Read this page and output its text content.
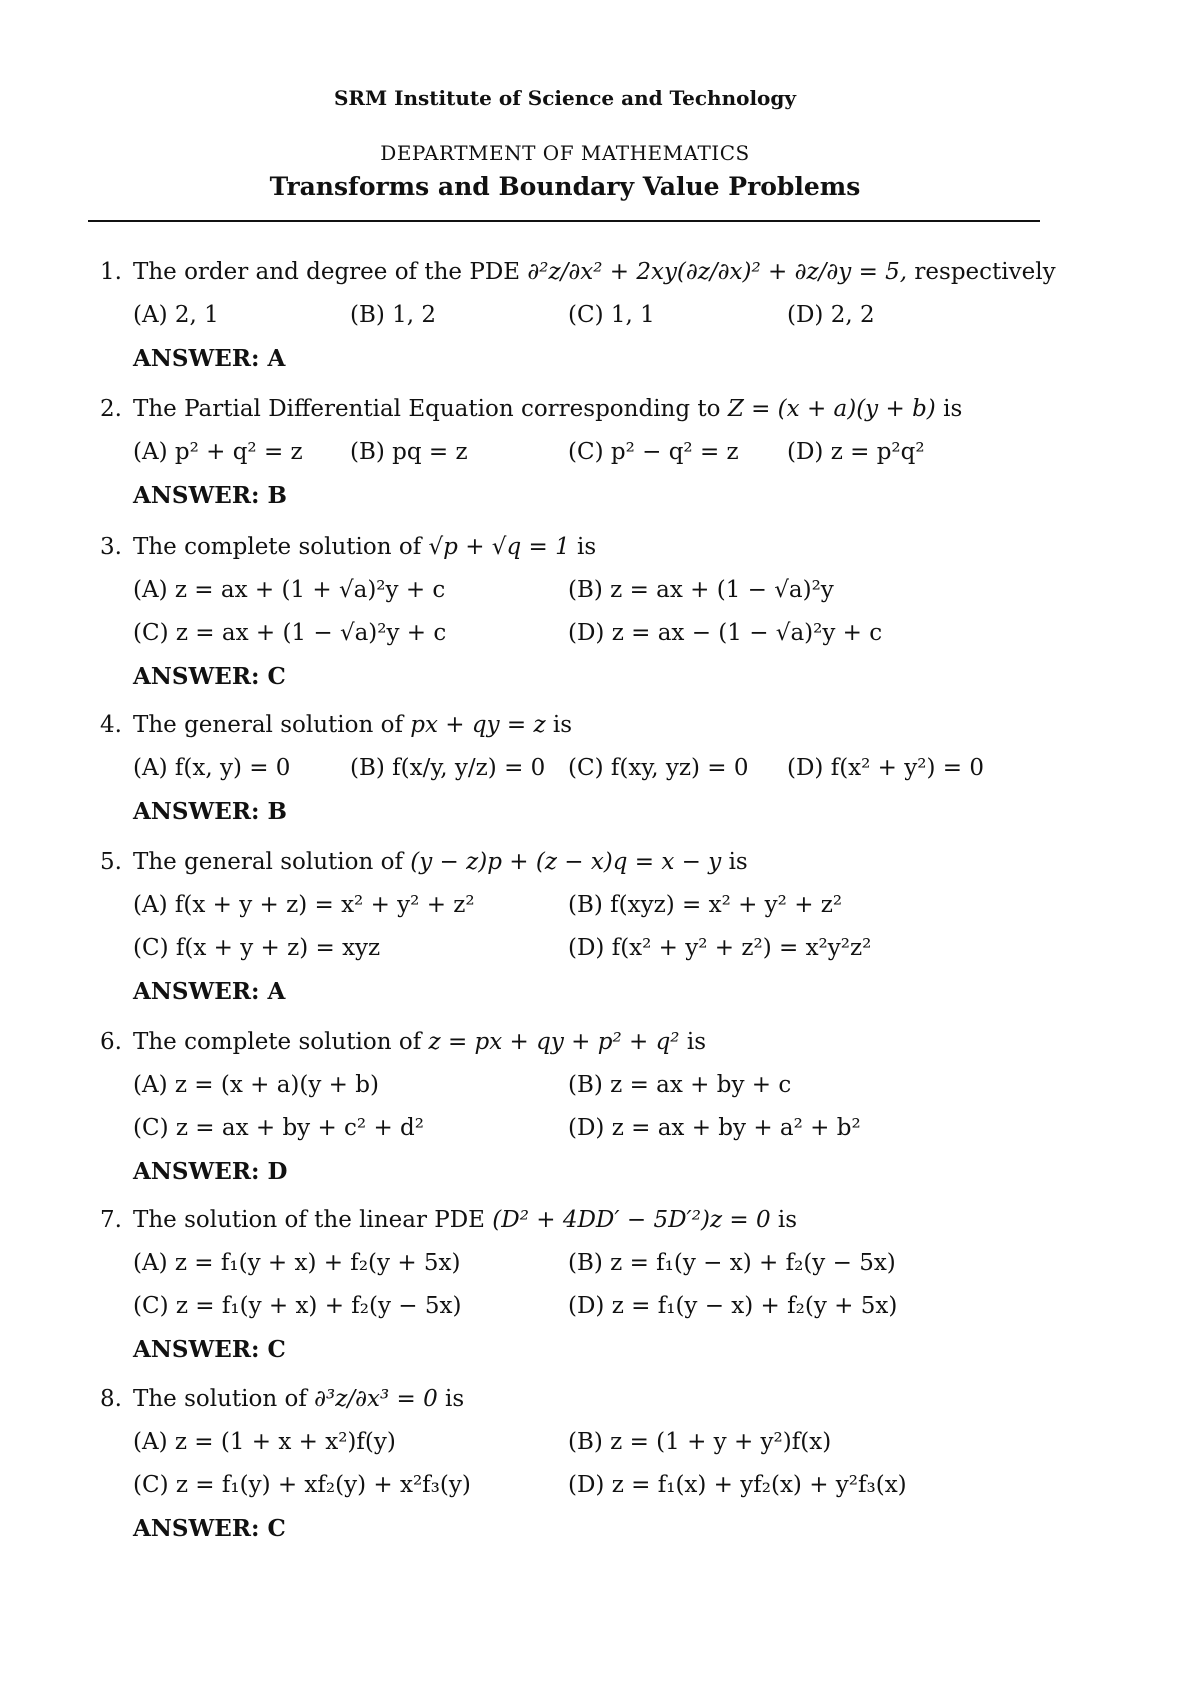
SRM Institute of Science and Technology
DEPARTMENT OF MATHEMATICS
Transforms and Boundary Value Problems
1. The order and degree of the PDE ∂²z/∂x² + 2xy(∂z/∂x)² + ∂z/∂y = 5, respectively
(A) 2, 1	(B) 1, 2	(C) 1, 1	(D) 2, 2
ANSWER: A
2. The Partial Differential Equation corresponding to Z = (x + a)(y + b) is
(A) p² + q² = z (B) pq = z	(C) p² − q² = z (D) z = p²q²
ANSWER: B
3. The complete solution of √p + √q = 1 is
(A) z = ax + (1 + √a)²y + c	(B) z = ax + (1 − √a)²y
(C) z = ax + (1 − √a)²y + c	(D) z = ax − (1 − √a)²y + c
ANSWER: C
4. The general solution of px + qy = z is
(A) f(x, y) = 0	(B) f(x/y, y/z) = 0 (C) f(xy, yz) = 0 (D) f(x² + y²) = 0
ANSWER: B
5. The general solution of (y − z)p + (z − x)q = x − y is
(A) f(x + y + z) = x² + y² + z²	(B) f(xyz) = x² + y² + z²
(C) f(x + y + z) = xyz	(D) f(x² + y² + z²) = x²y²z²
ANSWER: A
6. The complete solution of z = px + qy + p² + q² is
(A) z = (x + a)(y + b)	(B) z = ax + by + c
(C) z = ax + by + c² + d²	(D) z = ax + by + a² + b²
ANSWER: D
7. The solution of the linear PDE (D² + 4DD′ − 5D′²)z = 0 is
(A) z = f₁(y + x) + f₂(y + 5x)	(B) z = f₁(y − x) + f₂(y − 5x)
(C) z = f₁(y + x) + f₂(y − 5x)	(D) z = f₁(y − x) + f₂(y + 5x)
ANSWER: C
8. The solution of ∂³z/∂x³ = 0 is
(A) z = (1 + x + x²)f(y)	(B) z = (1 + y + y²)f(x)
(C) z = f₁(y) + xf₂(y) + x²f₃(y)	(D) z = f₁(x) + yf₂(x) + y²f₃(x)
ANSWER: C
